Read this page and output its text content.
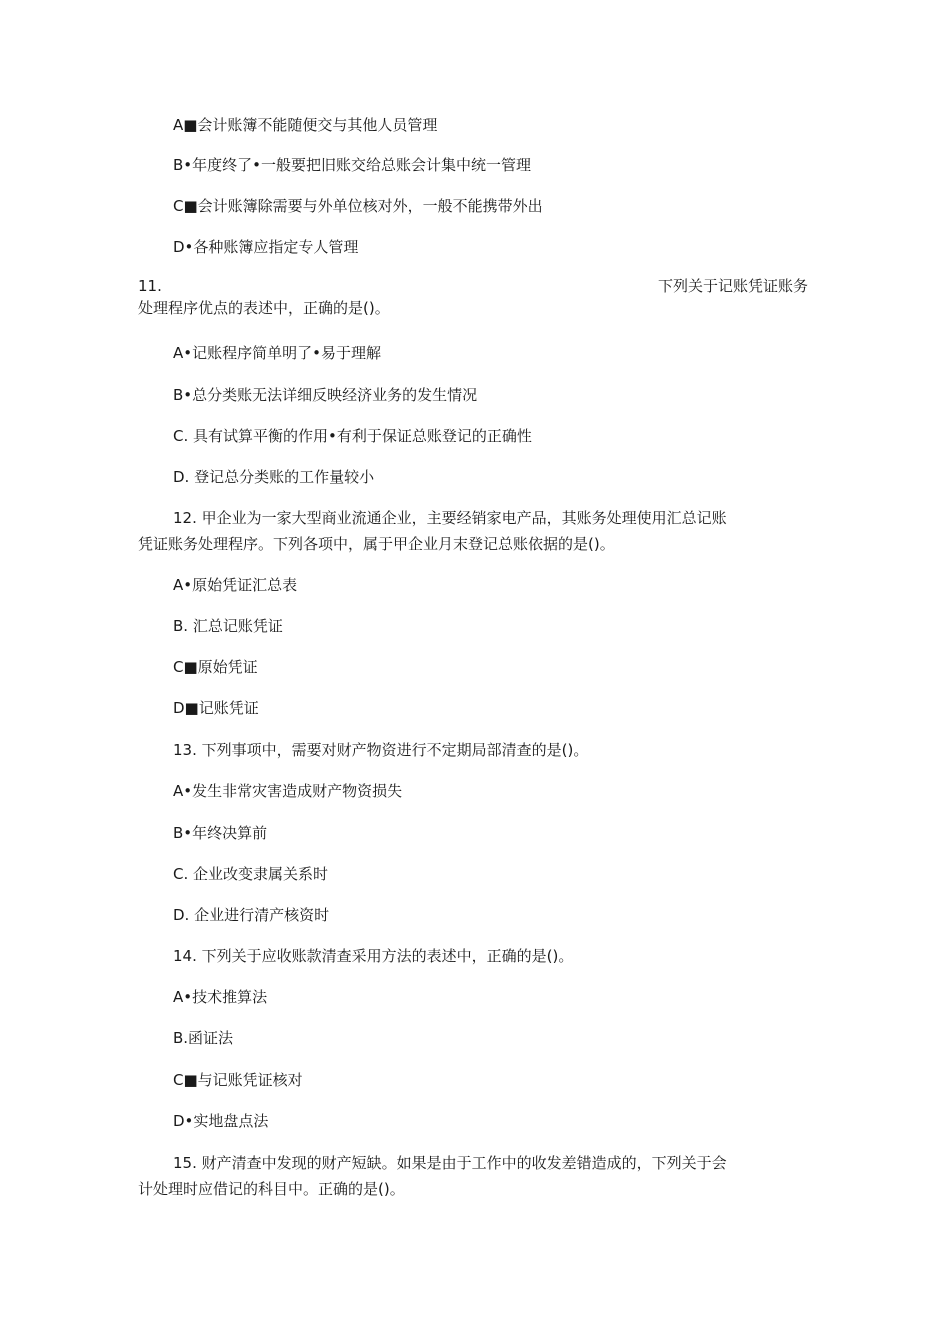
A■会计账簿不能随便交与其他人员管理
B•年度终了•一般要把旧账交给总账会计集中统一管理
C■会计账簿除需要与外单位核对外，一般不能携带外出
D•各种账簿应指定专人管理
11.	下列关于记账凭证账务
处理程序优点的表述中，正确的是()。
A•记账程序简单明了•易于理解
B•总分类账无法详细反映经济业务的发生情况
C. 具有试算平衡的作用•有利于保证总账登记的正确性
D. 登记总分类账的工作量较小
12. 甲企业为一家大型商业流通企业，主要经销家电产品，其账务处理使用汇总记账
凭证账务处理程序。下列各项中，属于甲企业月末登记总账依据的是()。
A•原始凭证汇总表
B. 汇总记账凭证
C■原始凭证
D■记账凭证
13. 下列事项中，需要对财产物资进行不定期局部清查的是()。
A•发生非常灾害造成财产物资损失
B•年终决算前
C. 企业改变隶属关系时
D. 企业进行清产核资时
14. 下列关于应收账款清查采用方法的表述中，正确的是()。
A•技术推算法
B.函证法
C■与记账凭证核对
D•实地盘点法
15. 财产清查中发现的财产短缺。如果是由于工作中的收发差错造成的，下列关于会
计处理时应借记的科目中。正确的是()。
